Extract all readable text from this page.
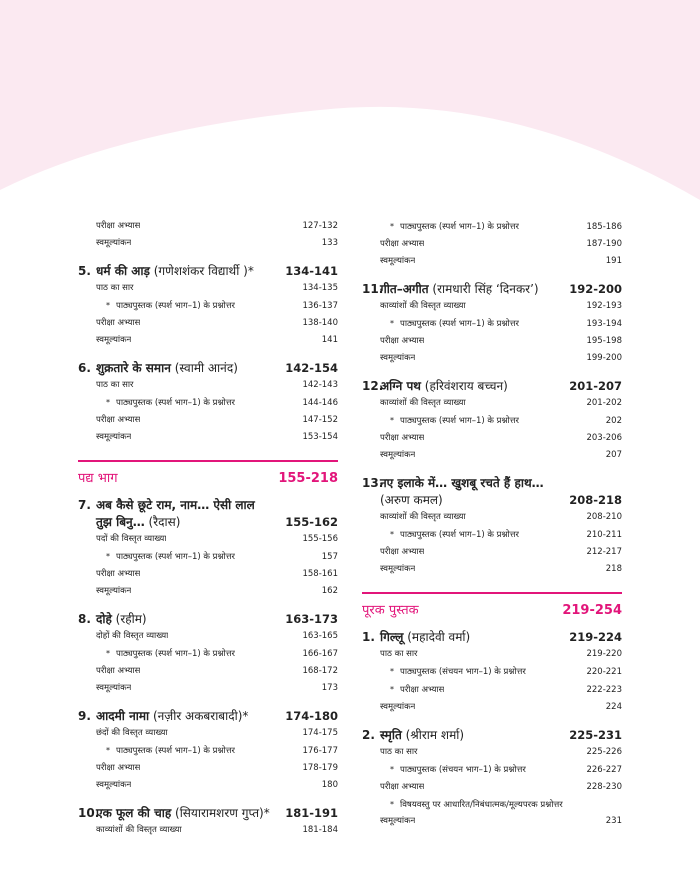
परीक्षा अभ्यास	127-132
स्वमूल्यांकन	133
5. धर्म की आड़ (गणेशशंकर विद्यार्थी )*	134-141
पाठ का सार	134-135
* पाठ्यपुस्तक (स्पर्श भाग–1) के प्रश्नोत्तर	136-137
परीक्षा अभ्यास	138-140
स्वमूल्यांकन	141
6. शुक्रतारे के समान (स्वामी आनंद)	142-154
पाठ का सार	142-143
* पाठ्यपुस्तक (स्पर्श भाग–1) के प्रश्नोत्तर	144-146
परीक्षा अभ्यास	147-152
स्वमूल्यांकन	153-154
पद्य भाग	155-218
7. अब कैसे छूटे राम, नाम… ऐसी लाल
तुझ बिनु… (रैदास)	155-162
पदों की विस्तृत व्याख्या	155-156
* पाठ्यपुस्तक (स्पर्श भाग–1) के प्रश्नोत्तर	157
परीक्षा अभ्यास	158-161
स्वमूल्यांकन	162
8. दोहे (रहीम)	163-173
दोहों की विस्तृत व्याख्या	163-165
* पाठ्यपुस्तक (स्पर्श भाग–1) के प्रश्नोत्तर	166-167
परीक्षा अभ्यास	168-172
स्वमूल्यांकन	173
9. आदमी नामा (नज़ीर अकबराबादी)*	174-180
छंदों की विस्तृत व्याख्या	174-175
* पाठ्यपुस्तक (स्पर्श भाग–1) के प्रश्नोत्तर	176-177
परीक्षा अभ्यास	178-179
स्वमूल्यांकन	180
10.एक फूल की चाह (सियारामशरण गुप्त)* 181-191
काव्यांशों की विस्तृत व्याख्या	181-184
* पाठ्यपुस्तक (स्पर्श भाग–1) के प्रश्नोत्तर	185-186
परीक्षा अभ्यास	187-190
स्वमूल्यांकन	191
11.गीत–अगीत (रामधारी सिंह ‘दिनकर’)	192-200
काव्यांशों की विस्तृत व्याख्या	192-193
* पाठ्यपुस्तक (स्पर्श भाग–1) के प्रश्नोत्तर	193-194
परीक्षा अभ्यास	195-198
स्वमूल्यांकन	199-200
12.अग्नि पथ (हरिवंशराय बच्चन)	201-207
काव्यांशों की विस्तृत व्याख्या	201-202
* पाठ्यपुस्तक (स्पर्श भाग–1) के प्रश्नोत्तर	202
परीक्षा अभ्यास	203-206
स्वमूल्यांकन	207
13.नए इलाके में… खुशबू रचते हैं हाथ…
(अरुण कमल)	208-218
काव्यांशों की विस्तृत व्याख्या	208-210
* पाठ्यपुस्तक (स्पर्श भाग–1) के प्रश्नोत्तर	210-211
परीक्षा अभ्यास	212-217
स्वमूल्यांकन	218
पूरक पुस्तक	219-254
1. गिल्लू (महादेवी वर्मा)	219-224
पाठ का सार	219-220
* पाठ्यपुस्तक (संचयन भाग–1) के प्रश्नोत्तर	220-221
* परीक्षा अभ्यास	222-223
स्वमूल्यांकन	224
2. स्मृति (श्रीराम शर्मा)	225-231
पाठ का सार	225-226
* पाठ्यपुस्तक (संचयन भाग–1) के प्रश्नोत्तर	226-227
परीक्षा अभ्यास	228-230
* विषयवस्तु पर आधारित/निबंधात्मक/मूल्यपरक प्रश्नोत्तर
स्वमूल्यांकन	231
